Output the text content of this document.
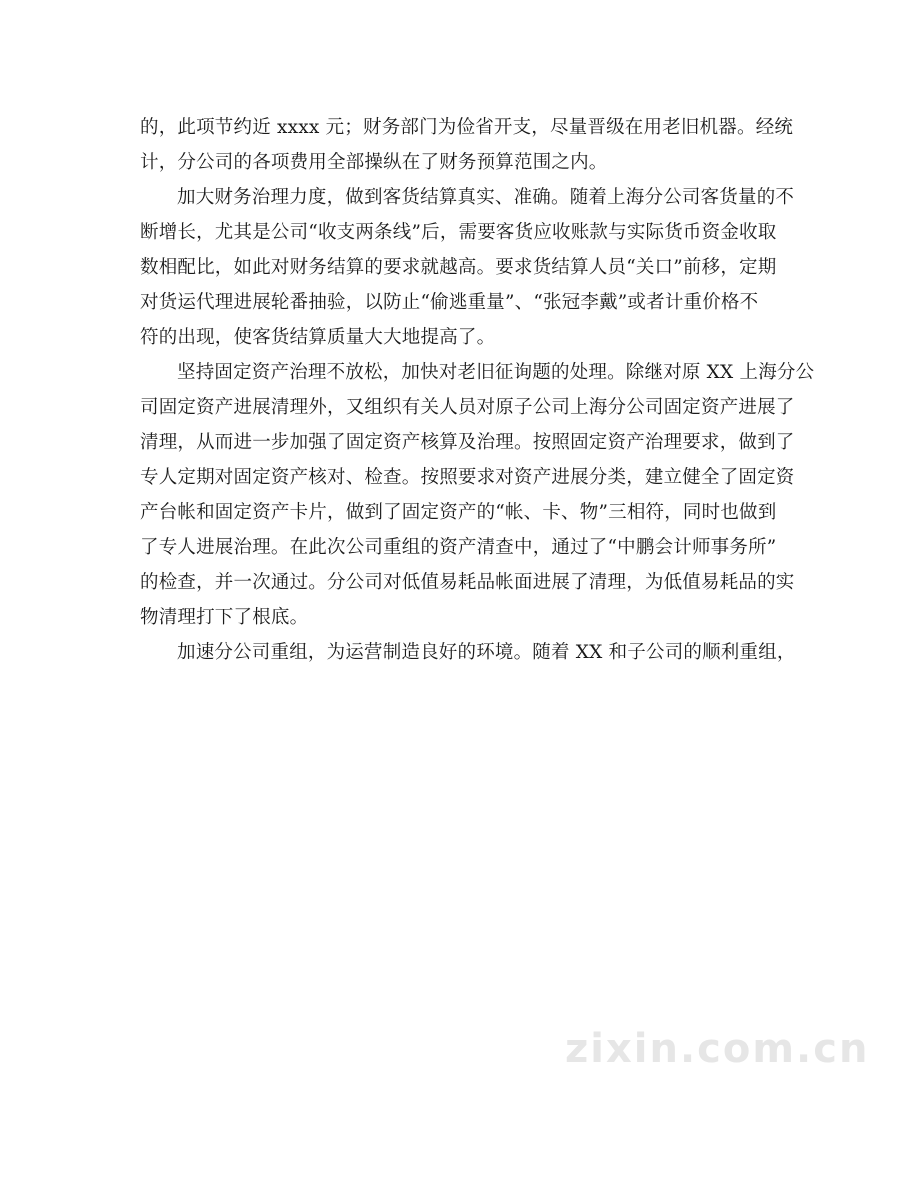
的，此项节约近 xxxx 元；财务部门为俭省开支，尽量晋级在用老旧机器。经统
计，分公司的各项费用全部操纵在了财务预算范围之内。
加大财务治理力度，做到客货结算真实、准确。随着上海分公司客货量的不
断增长，尤其是公司“收支两条线”后，需要客货应收账款与实际货币资金收取
数相配比，如此对财务结算的要求就越高。要求货结算人员“关口”前移，定期
对货运代理进展轮番抽验，以防止“偷逃重量”、“张冠李戴”或者计重价格不
符的出现，使客货结算质量大大地提高了。
坚持固定资产治理不放松，加快对老旧征询题的处理。除继对原 XX 上海分公
司固定资产进展清理外，又组织有关人员对原子公司上海分公司固定资产进展了
清理，从而进一步加强了固定资产核算及治理。按照固定资产治理要求，做到了
专人定期对固定资产核对、检查。按照要求对资产进展分类，建立健全了固定资
产台帐和固定资产卡片，做到了固定资产的“帐、卡、物”三相符，同时也做到
了专人进展治理。在此次公司重组的资产清查中，通过了“中鹏会计师事务所”
的检查，并一次通过。分公司对低值易耗品帐面进展了清理，为低值易耗品的实
物清理打下了根底。
加速分公司重组，为运营制造良好的环境。随着 XX 和子公司的顺利重组，
zixin.com.cn
